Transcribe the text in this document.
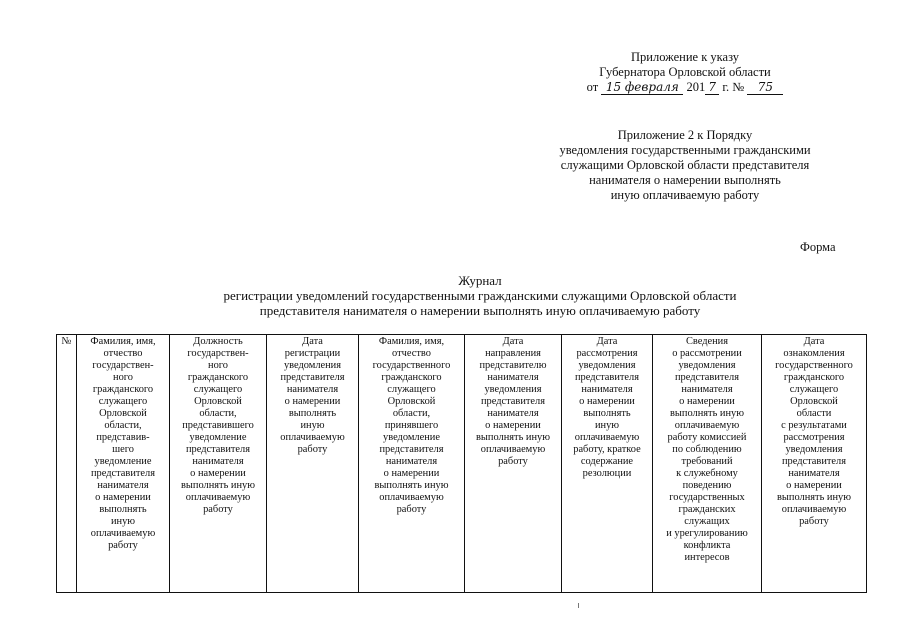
Приложение к указу
Губернатора Орловской области
от 15 февраля 201 7 г. № 75
Приложение 2 к Порядку
уведомления государственными гражданскими
служащими Орловской области представителя
нанимателя о намерении выполнять
иную оплачиваемую работу
Форма
Журнал
регистрации уведомлений государственными гражданскими служащими Орловской области
представителя нанимателя о намерении выполнять иную оплачиваемую работу
№	Фамилия, имя,
отчество
государствен-
ного
гражданского
служащего
Орловской
области,
представив-
шего
уведомление
представителя
нанимателя
о намерении
выполнять
иную
оплачиваемую
работу	Должность
государствен-
ного
гражданского
служащего
Орловской
области,
представившего
уведомление
представителя
нанимателя
о намерении
выполнять иную
оплачиваемую
работу	Дата
регистрации
уведомления
представителя
нанимателя
о намерении
выполнять
иную
оплачиваемую
работу	Фамилия, имя,
отчество
государственного
гражданского
служащего
Орловской
области,
принявшего
уведомление
представителя
нанимателя
о намерении
выполнять иную
оплачиваемую
работу	Дата
направления
представителю
нанимателя
уведомления
представителя
нанимателя
о намерении
выполнять иную
оплачиваемую
работу	Дата
рассмотрения
уведомления
представителя
нанимателя
о намерении
выполнять
иную
оплачиваемую
работу, краткое
содержание
резолюции	Сведения
о рассмотрении
уведомления
представителя
нанимателя
о намерении
выполнять иную
оплачиваемую
работу комиссией
по соблюдению
требований
к служебному
поведению
государственных
гражданских
служащих
и урегулированию
конфликта
интересов	Дата
ознакомления
государственного
гражданского
служащего
Орловской
области
с результатами
рассмотрения
уведомления
представителя
нанимателя
о намерении
выполнять иную
оплачиваемую
работу
